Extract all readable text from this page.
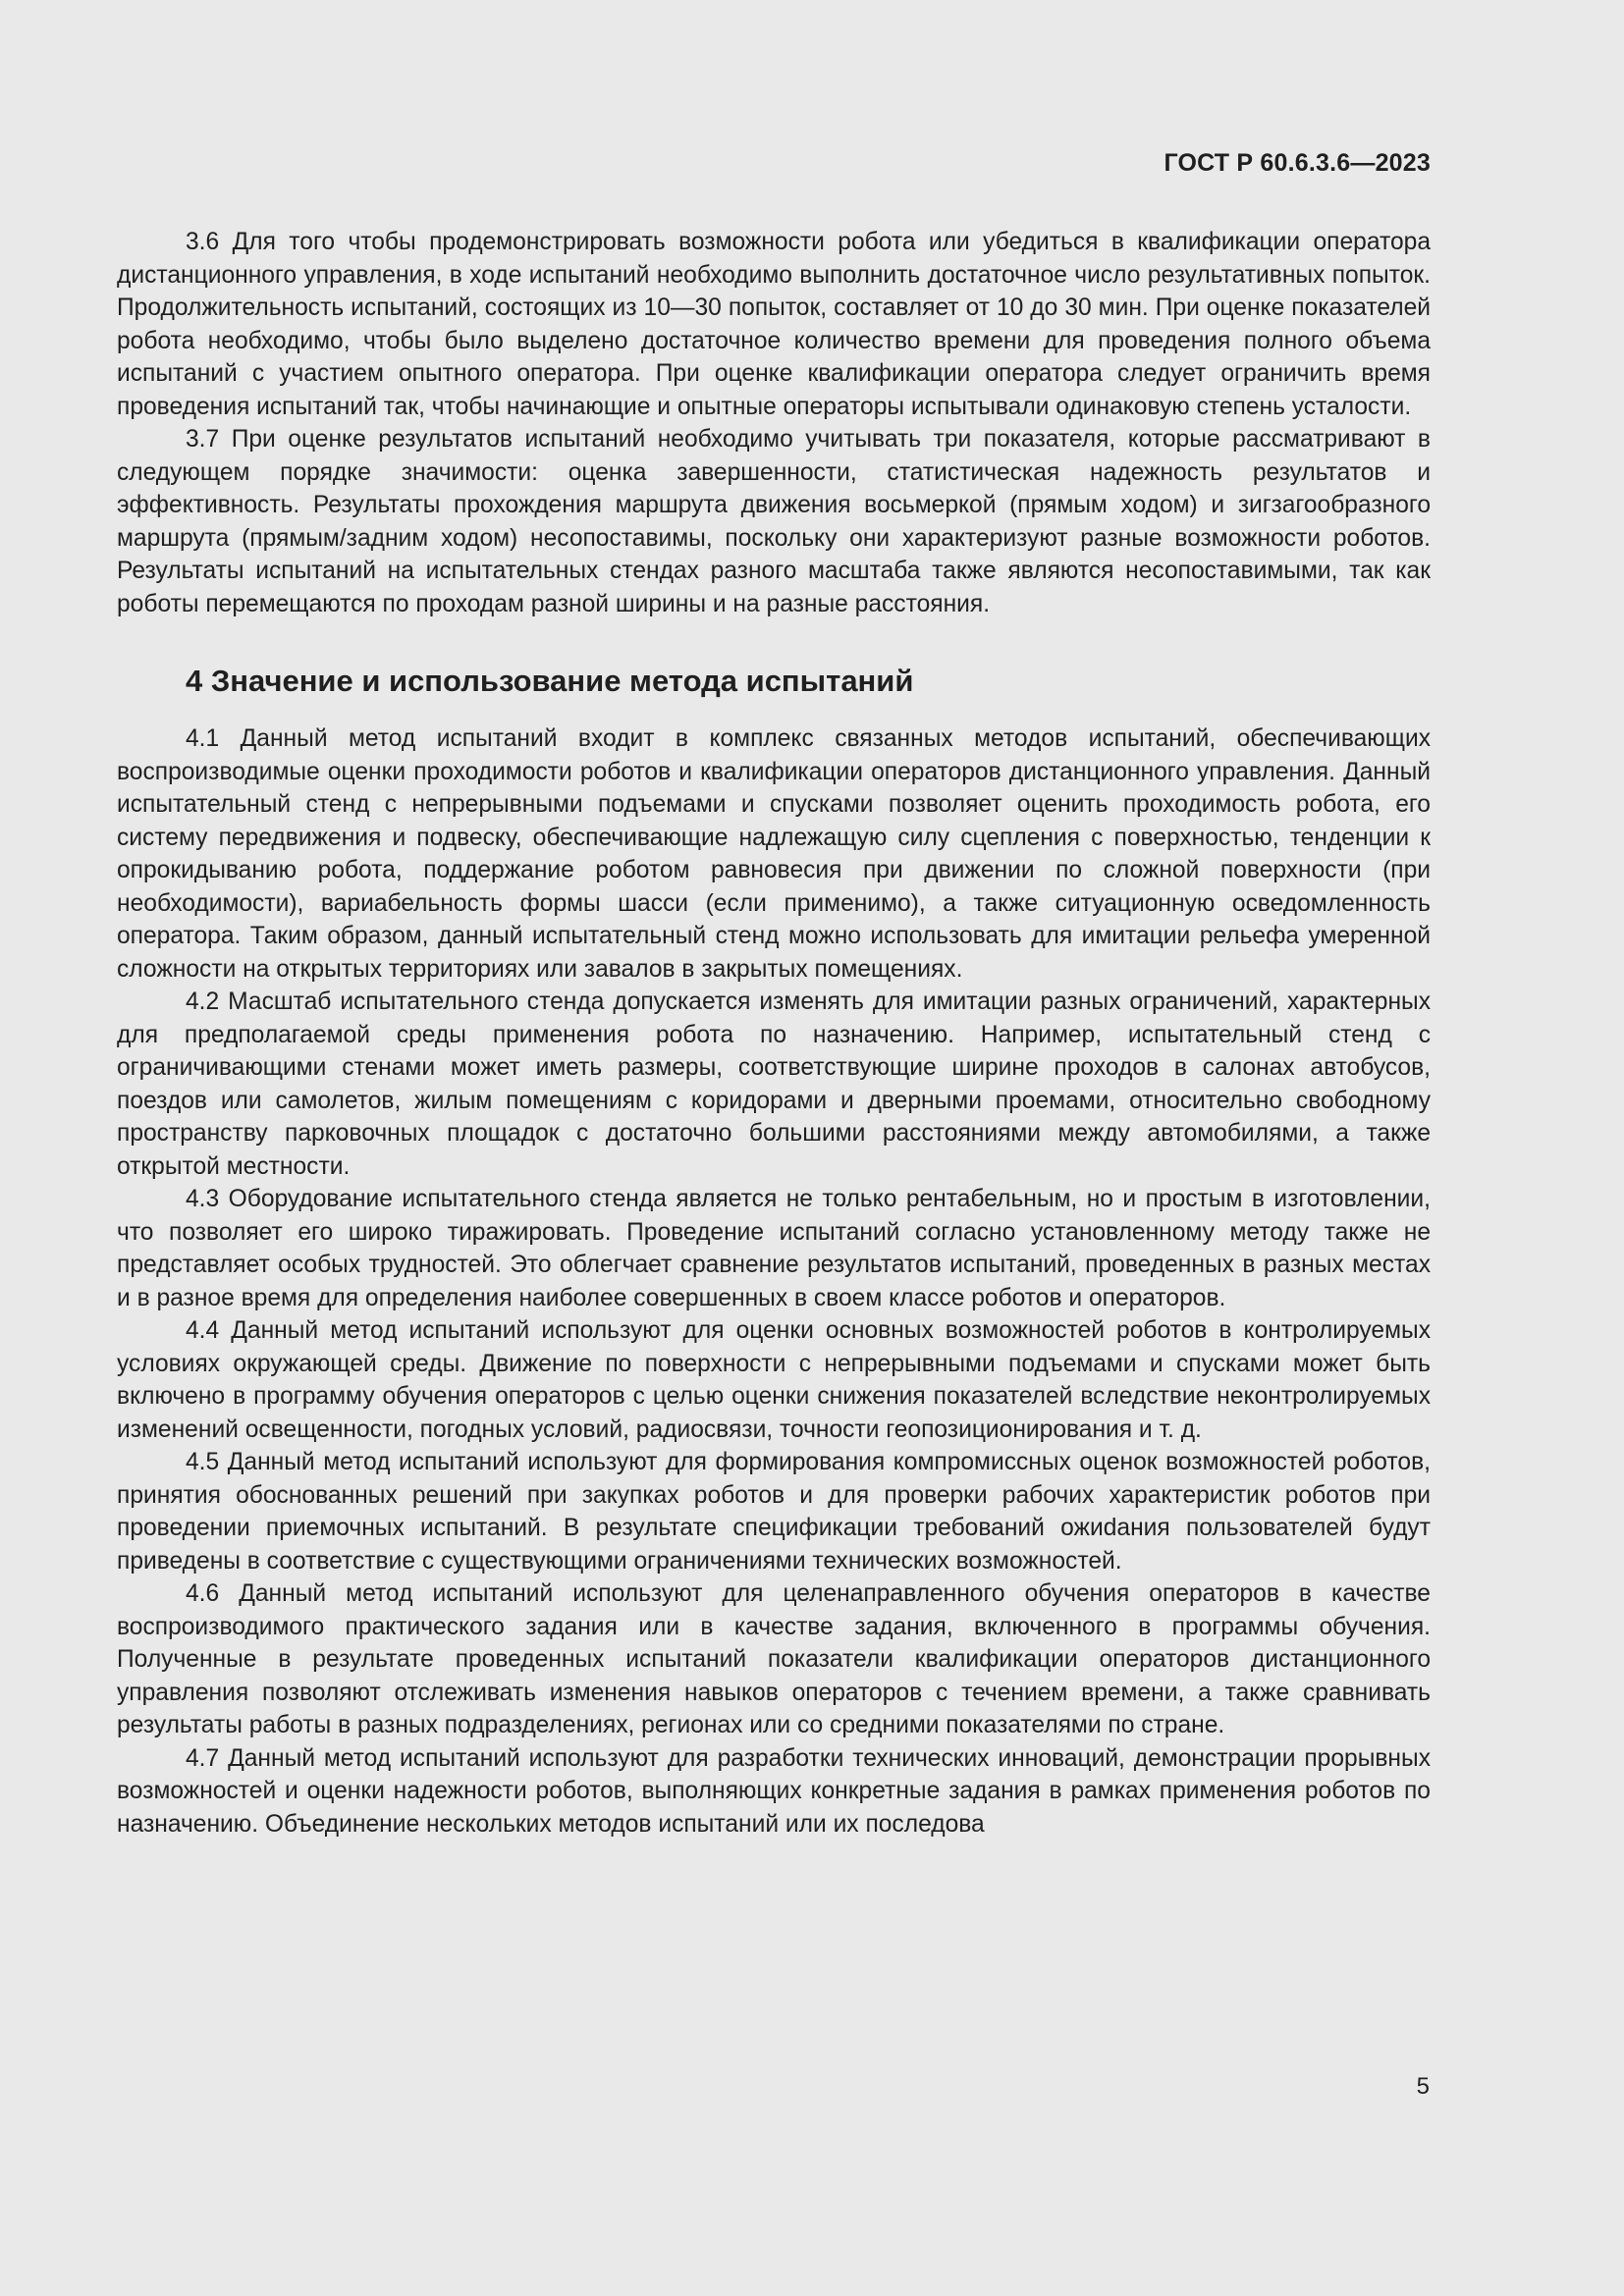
ГОСТ Р 60.6.3.6—2023

3.6 Для того чтобы продемонстрировать возможности робота или убедиться в квалификации оператора дистанционного управления, в ходе испытаний необходимо выполнить достаточное число результативных попыток. Продолжительность испытаний, состоящих из 10—30 попыток, составляет от 10 до 30 мин. При оценке показателей робота необходимо, чтобы было выделено достаточное количество времени для проведения полного объема испытаний с участием опытного оператора. При оценке квалификации оператора следует ограничить время проведения испытаний так, чтобы начинающие и опытные операторы испытывали одинаковую степень усталости.

3.7 При оценке результатов испытаний необходимо учитывать три показателя, которые рассматривают в следующем порядке значимости: оценка завершенности, статистическая надежность результатов и эффективность. Результаты прохождения маршрута движения восьмеркой (прямым ходом) и зигзагообразного маршрута (прямым/задним ходом) несопоставимы, поскольку они характеризуют разные возможности роботов. Результаты испытаний на испытательных стендах разного масштаба также являются несопоставимыми, так как роботы перемещаются по проходам разной ширины и на разные расстояния.

4 Значение и использование метода испытаний

4.1 Данный метод испытаний входит в комплекс связанных методов испытаний, обеспечивающих воспроизводимые оценки проходимости роботов и квалификации операторов дистанционного управления. Данный испытательный стенд с непрерывными подъемами и спусками позволяет оценить проходимость робота, его систему передвижения и подвеску, обеспечивающие надлежащую силу сцепления с поверхностью, тенденции к опрокидыванию робота, поддержание роботом равновесия при движении по сложной поверхности (при необходимости), вариабельность формы шасси (если применимо), а также ситуационную осведомленность оператора. Таким образом, данный испытательный стенд можно использовать для имитации рельефа умеренной сложности на открытых территориях или завалов в закрытых помещениях.

4.2 Масштаб испытательного стенда допускается изменять для имитации разных ограничений, характерных для предполагаемой среды применения робота по назначению. Например, испытательный стенд с ограничивающими стенами может иметь размеры, соответствующие ширине проходов в салонах автобусов, поездов или самолетов, жилым помещениям с коридорами и дверными проемами, относительно свободному пространству парковочных площадок с достаточно большими расстояниями между автомобилями, а также открытой местности.

4.3 Оборудование испытательного стенда является не только рентабельным, но и простым в изготовлении, что позволяет его широко тиражировать. Проведение испытаний согласно установленному методу также не представляет особых трудностей. Это облегчает сравнение результатов испытаний, проведенных в разных местах и в разное время для определения наиболее совершенных в своем классе роботов и операторов.

4.4 Данный метод испытаний используют для оценки основных возможностей роботов в контролируемых условиях окружающей среды. Движение по поверхности с непрерывными подъемами и спусками может быть включено в программу обучения операторов с целью оценки снижения показателей вследствие неконтролируемых изменений освещенности, погодных условий, радиосвязи, точности геопозиционирования и т. д.

4.5 Данный метод испытаний используют для формирования компромиссных оценок возможностей роботов, принятия обоснованных решений при закупках роботов и для проверки рабочих характеристик роботов при проведении приемочных испытаний. В результате спецификации требований ожиdания пользователей будут приведены в соответствие с существующими ограничениями технических возможностей.

4.6 Данный метод испытаний используют для целенаправленного обучения операторов в качестве воспроизводимого практического задания или в качестве задания, включенного в программы обучения. Полученные в результате проведенных испытаний показатели квалификации операторов дистанционного управления позволяют отслеживать изменения навыков операторов с течением времени, а также сравнивать результаты работы в разных подразделениях, регионах или со средними показателями по стране.

4.7 Данный метод испытаний используют для разработки технических инноваций, демонстрации прорывных возможностей и оценки надежности роботов, выполняющих конкретные задания в рамках применения роботов по назначению. Объединение нескольких методов испытаний или их последова

5
